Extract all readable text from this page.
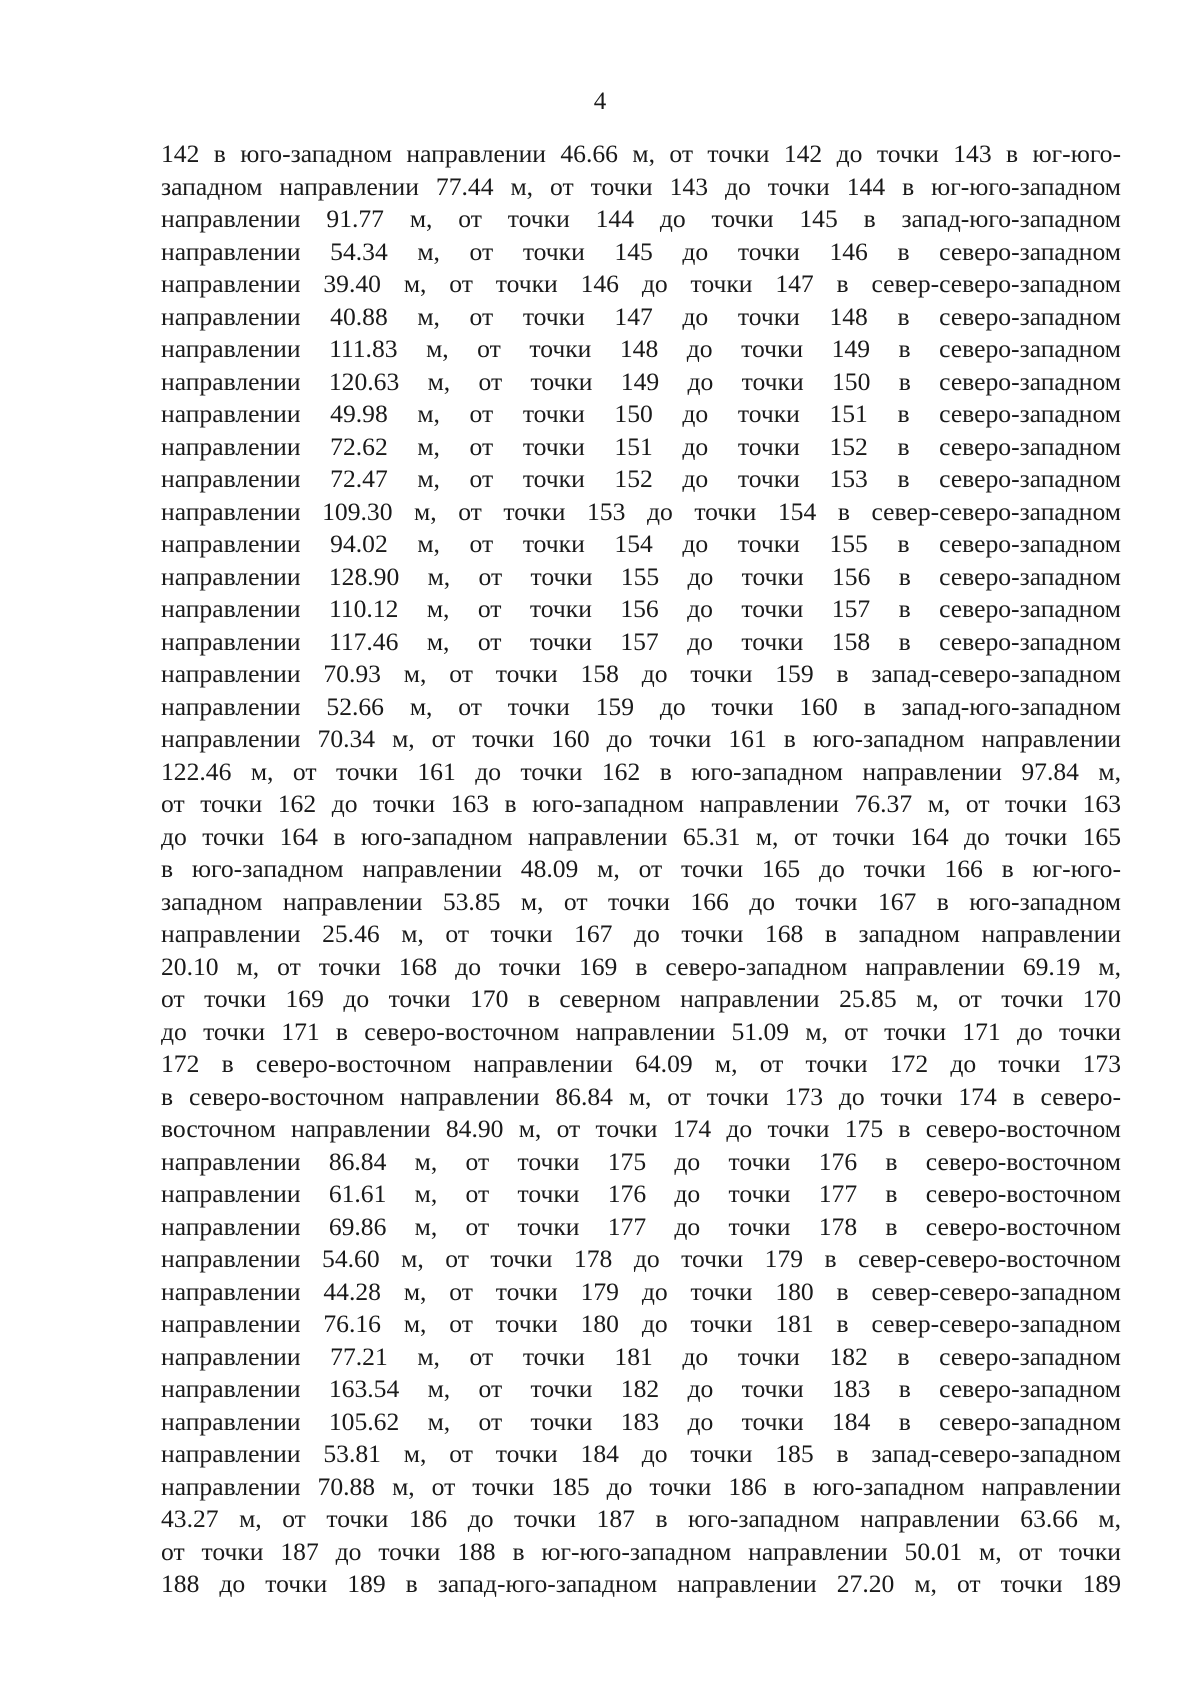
4
142 в юго-западном направлении 46.66 м, от точки 142 до точки 143 в юг-юго-
западном направлении 77.44 м, от точки 143 до точки 144 в юг-юго-западном
направлении 91.77 м, от точки 144 до точки 145 в запад-юго-западном
направлении 54.34 м, от точки 145 до точки 146 в северо-западном
направлении 39.40 м, от точки 146 до точки 147 в север-северо-западном
направлении 40.88 м, от точки 147 до точки 148 в северо-западном
направлении 111.83 м, от точки 148 до точки 149 в северо-западном
направлении 120.63 м, от точки 149 до точки 150 в северо-западном
направлении 49.98 м, от точки 150 до точки 151 в северо-западном
направлении 72.62 м, от точки 151 до точки 152 в северо-западном
направлении 72.47 м, от точки 152 до точки 153 в северо-западном
направлении 109.30 м, от точки 153 до точки 154 в север-северо-западном
направлении 94.02 м, от точки 154 до точки 155 в северо-западном
направлении 128.90 м, от точки 155 до точки 156 в северо-западном
направлении 110.12 м, от точки 156 до точки 157 в северо-западном
направлении 117.46 м, от точки 157 до точки 158 в северо-западном
направлении 70.93 м, от точки 158 до точки 159 в запад-северо-западном
направлении 52.66 м, от точки 159 до точки 160 в запад-юго-западном
направлении 70.34 м, от точки 160 до точки 161 в юго-западном направлении
122.46 м, от точки 161 до точки 162 в юго-западном направлении 97.84 м,
от точки 162 до точки 163 в юго-западном направлении 76.37 м, от точки 163
до точки 164 в юго-западном направлении 65.31 м, от точки 164 до точки 165
в юго-западном направлении 48.09 м, от точки 165 до точки 166 в юг-юго-
западном направлении 53.85 м, от точки 166 до точки 167 в юго-западном
направлении 25.46 м, от точки 167 до точки 168 в западном направлении
20.10 м, от точки 168 до точки 169 в северо-западном направлении 69.19 м,
от точки 169 до точки 170 в северном направлении 25.85 м, от точки 170
до точки 171 в северо-восточном направлении 51.09 м, от точки 171 до точки
172 в северо-восточном направлении 64.09 м, от точки 172 до точки 173
в северо-восточном направлении 86.84 м, от точки 173 до точки 174 в северо-
восточном направлении 84.90 м, от точки 174 до точки 175 в северо-восточном
направлении 86.84 м, от точки 175 до точки 176 в северо-восточном
направлении 61.61 м, от точки 176 до точки 177 в северо-восточном
направлении 69.86 м, от точки 177 до точки 178 в северо-восточном
направлении 54.60 м, от точки 178 до точки 179 в север-северо-восточном
направлении 44.28 м, от точки 179 до точки 180 в север-северо-западном
направлении 76.16 м, от точки 180 до точки 181 в север-северо-западном
направлении 77.21 м, от точки 181 до точки 182 в северо-западном
направлении 163.54 м, от точки 182 до точки 183 в северо-западном
направлении 105.62 м, от точки 183 до точки 184 в северо-западном
направлении 53.81 м, от точки 184 до точки 185 в запад-северо-западном
направлении 70.88 м, от точки 185 до точки 186 в юго-западном направлении
43.27 м, от точки 186 до точки 187 в юго-западном направлении 63.66 м,
от точки 187 до точки 188 в юг-юго-западном направлении 50.01 м, от точки
188 до точки 189 в запад-юго-западном направлении 27.20 м, от точки 189
